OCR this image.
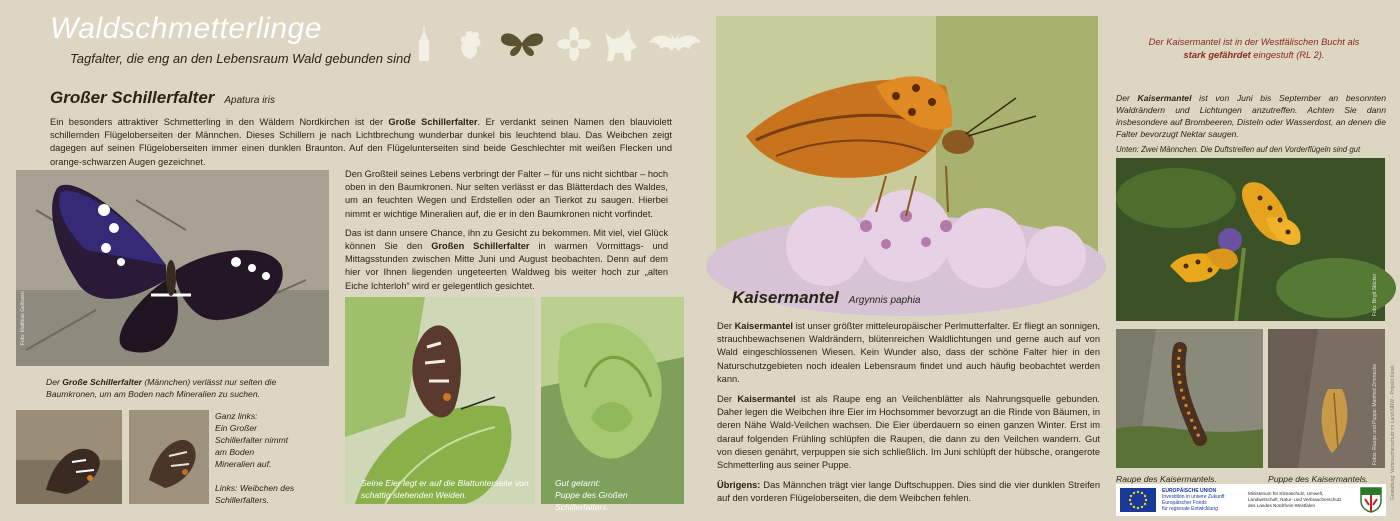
Waldschmetterlinge
Tagfalter, die eng an den Lebensraum Wald gebunden sind
Großer Schillerfalter Apatura iris
Ein besonders attraktiver Schmetterling in den Wäldern Nordkirchen ist der Große Schillerfalter. Er verdankt seinen Namen den blauviolett schillernden Flügeloberseiten der Männchen. Dieses Schillern je nach Lichtbrechung wunderbar dunkel bis leuchtend blau. Das Weibchen zeigt dagegen auf seinen Flügeloberseiten immer einen dunklen Braunton. Auf den Flügelunterseiten sind beide Geschlechter mit weißen Flecken und orange-schwarzen Augen gezeichnet.
Den Großteil seines Lebens verbringt der Falter – für uns nicht sichtbar – hoch oben in den Baumkronen. Nur selten verlässt er das Blätterdach des Waldes, um an feuchten Wegen und Erdstellen oder an Tierkot zu saugen. Hierbei nimmt er wichtige Mineralien auf, die er in den Baumkronen nicht vorfindet.
Das ist dann unsere Chance, ihn zu Gesicht zu bekommen. Mit viel, viel Glück können Sie den Großen Schillerfalter in warmen Vormittags- und Mittagsstunden zwischen Mitte Juni und August beobachten. Denn auf dem hier vor Ihnen liegenden ungeteerten Waldweg bis weiter hoch zur „alten Eiche Ichterloh“ wird er gelegentlich gesichtet.
Foto: Matthias Gellissen
Der Große Schillerfalter (Männchen) verlässt nur selten die Baumkronen, um am Boden nach Mineralien zu suchen.
Ganz links:
Ein Großer Schillerfalter nimmt am Boden Mineralien auf.

Links: Weibchen des Schillerfalters.
Seine Eier legt er auf die Blattunterseite von schattig stehenden Weiden.
Gut getarnt:
Puppe des Großen Schillerfalters.
Kaisermantel Argynnis paphia
Der Kaisermantel ist unser größter mitteleuropäischer Perlmutterfalter. Er fliegt an sonnigen, strauchbewachsenen Waldrändern, blütenreichen Waldlichtungen und gerne auch auf von Wald eingeschlossenen Wiesen. Kein Wunder also, dass der schöne Falter hier in den Naturschutzgebieten noch idealen Lebensraum findet und auch häufig beobachtet werden kann.
Der Kaisermantel ist als Raupe eng an Veilchenblätter als Nahrungsquelle gebunden. Daher legen die Weibchen ihre Eier im Hochsommer bevorzugt an die Rinde von Bäumen, in deren Nähe Wald-Veilchen wachsen. Die Eier überdauern so einen ganzen Winter. Erst im darauf folgenden Frühling schlüpfen die Raupen, die dann zu den Veilchen wandern. Gut von diesen genährt, verpuppen sie sich schließlich. Im Juni schlüpft der hübsche, orangerote Schmetterling aus seiner Puppe.
Übrigens: Das Männchen trägt vier lange Duftschuppen. Dies sind die vier dunklen Streifen auf den vorderen Flügeloberseiten, die dem Weibchen fehlen.
Der Kaisermantel ist in der Westfälischen Bucht als
stark gefährdet eingestuft (RL 2).
Der Kaisermantel ist von Juni bis September an besonnten Waldrändern und Lichtungen anzutreffen. Achten Sie dann insbesondere auf Brombeeren, Disteln oder Wasserdost, an denen die Falter bevorzugt Nektar saugen.
Unten: Zwei Männchen. Die Duftstreifen auf den Vorderflügeln sind gut
Foto: Birgit Stöcker
Raupe des Kaisermantels.
Fotos: Raupe und Puppe: Manfred Zimmecke
Puppe des Kaisermantels.	Gestaltung: Verbraucherschutz im Land NRW - Projekt Kiosk
EUROPÄISCHE UNION
Investition in unsere Zukunft
Europäischer Fonds
für regionale Entwicklung
Ministerium für Klimaschutz, Umwelt,
Landwirtschaft, Natur- und Verbraucherschutz
des Landes Nordrhein-Westfalen
